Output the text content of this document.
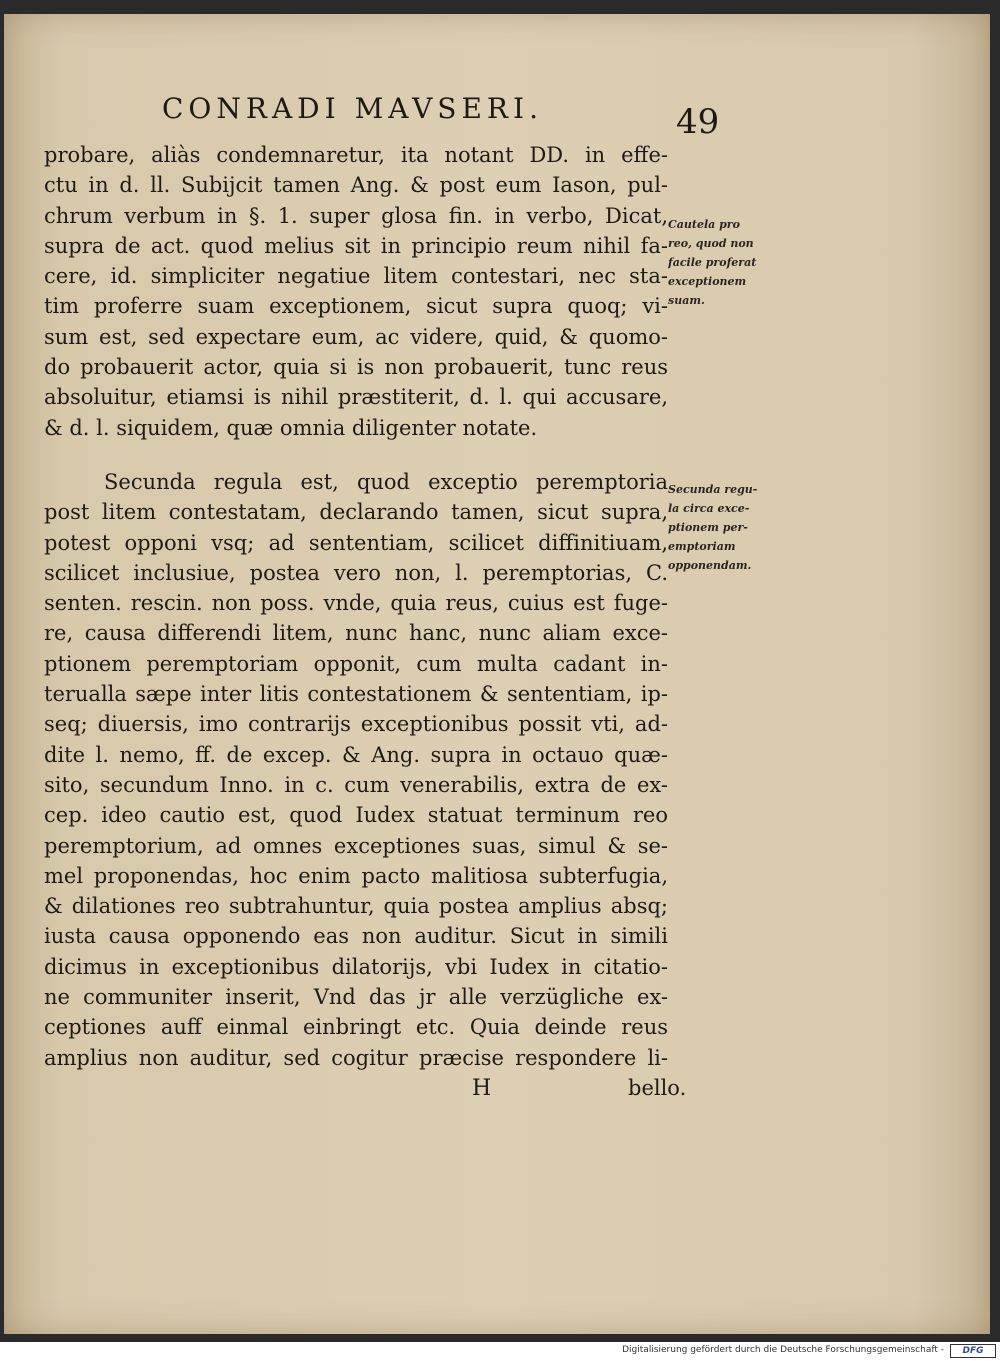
CONRADI MAVSERI.	49
probare, aliàs condemnaretur, ita notant DD. in effe-
ctu in d. ll. Subijcit tamen Ang. & post eum Iason, pul-
chrum verbum in §. 1. super glosa fin. in verbo, Dicat,
supra de act. quod melius sit in principio reum nihil fa-
cere, id. simpliciter negatiue litem contestari, nec sta-
tim proferre suam exceptionem, sicut supra quoq; vi-
sum est, sed expectare eum, ac videre, quid, & quomo-
do probauerit actor, quia si is non probauerit, tunc reus
absoluitur, etiamsi is nihil præstiterit, d. l. qui accusare,
& d. l. siquidem, quæ omnia diligenter notate.
Cautela pro
reo, quod non
facile proferat
exceptionem
suam.
Secunda regula est, quod exceptio peremptoria
post litem contestatam, declarando tamen, sicut supra,
potest opponi vsq; ad sententiam, scilicet diffinitiuam,
scilicet inclusiue, postea vero non, l. peremptorias, C.
senten. rescin. non poss. vnde, quia reus, cuius est fuge-
re, causa differendi litem, nunc hanc, nunc aliam exce-
ptionem peremptoriam opponit, cum multa cadant in-
terualla sæpe inter litis contestationem & sententiam, ip-
seq; diuersis, imo contrarijs exceptionibus possit vti, ad-
dite l. nemo, ff. de excep. & Ang. supra in octauo quæ-
sito, secundum Inno. in c. cum venerabilis, extra de ex-
cep. ideo cautio est, quod Iudex statuat terminum reo
peremptorium, ad omnes exceptiones suas, simul & se-
mel proponendas, hoc enim pacto malitiosa subterfugia,
& dilationes reo subtrahuntur, quia postea amplius absq;
iusta causa opponendo eas non auditur. Sicut in simili
dicimus in exceptionibus dilatorijs, vbi Iudex in citatio-
ne communiter inserit, Vnd das jr alle verzügliche ex-
ceptiones auff einmal einbringt etc. Quia deinde reus
amplius non auditur, sed cogitur præcise respondere li-
Secunda regu-
la circa exce-
ptionem per-
emptoriam
opponendam.
H	bello.
Digitalisierung gefördert durch die Deutsche Forschungsgemeinschaft -	DFG
